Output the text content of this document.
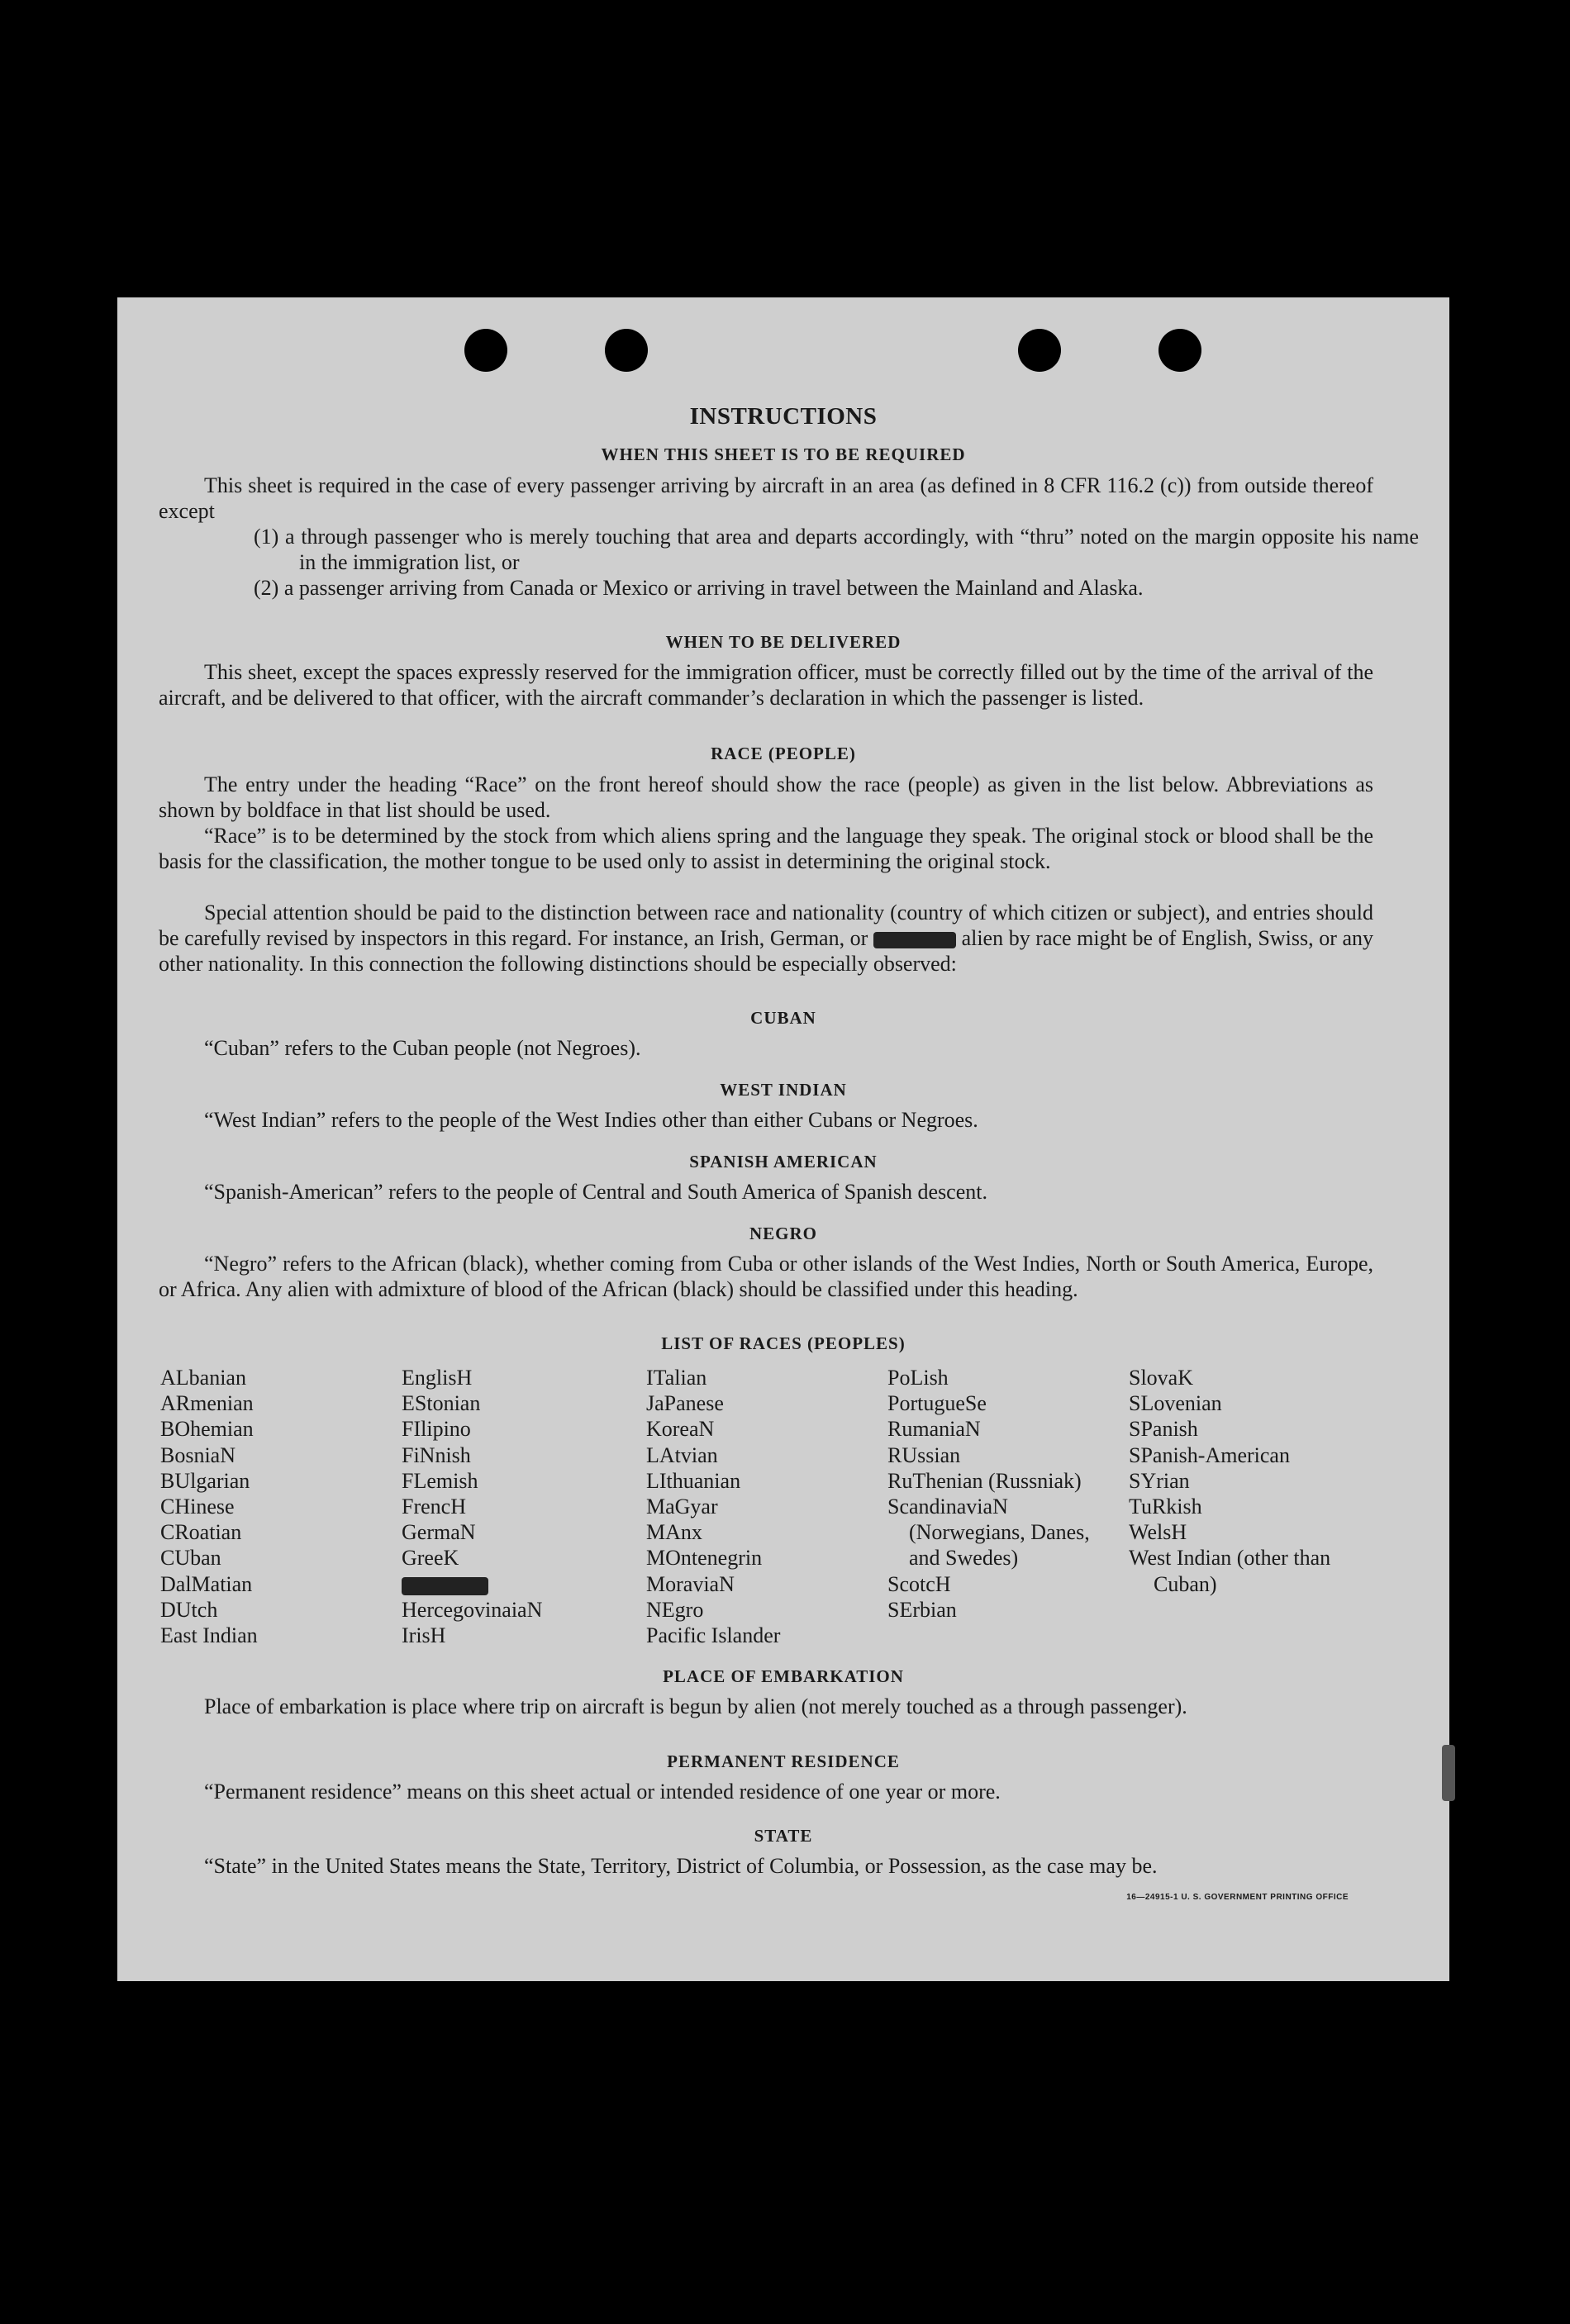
INSTRUCTIONS
WHEN THIS SHEET IS TO BE REQUIRED

This sheet is required in the case of every passenger arriving by aircraft in an area (as defined in 8 CFR 116.2 (c)) from outside thereof except

(1) a through passenger who is merely touching that area and departs accordingly, with “thru” noted on the margin opposite his name in the immigration list, or
(2) a passenger arriving from Canada or Mexico or arriving in travel between the Mainland and Alaska.
WHEN TO BE DELIVERED

This sheet, except the spaces expressly reserved for the immigration officer, must be correctly filled out by the time of the arrival of the aircraft, and be delivered to that officer, with the aircraft commander’s declaration in which the passenger is listed.

RACE (PEOPLE)

The entry under the heading “Race” on the front hereof should show the race (people) as given in the list below. Abbreviations as shown by boldface in that list should be used.

“Race” is to be determined by the stock from which aliens spring and the language they speak. The original stock or blood shall be the basis for the classification, the mother tongue to be used only to assist in determining the original stock.

Special attention should be paid to the distinction between race and nationality (country of which citizen or subject), and entries should be carefully revised by inspectors in this regard. For instance, an Irish, German, or	alien by race might be of English, Swiss, or any other nationality. In this connection the following distinctions should be especially observed:

CUBAN

“Cuban” refers to the Cuban people (not Negroes).

WEST INDIAN

“West Indian” refers to the people of the West Indies other than either Cubans or Negroes.

SPANISH AMERICAN

“Spanish-American” refers to the people of Central and South America of Spanish descent.

NEGRO

“Negro” refers to the African (black), whether coming from Cuba or other islands of the West Indies, North or South America, Europe, or Africa. Any alien with admixture of blood of the African (black) should be classified under this heading.

LIST OF RACES (PEOPLES)
ALbanian
ARmenian
BOhemian
BosniaN
BUlgarian
CHinese
CRoatian
CUban
DalMatian
DUtch
East Indian
EnglisH
EStonian
FIlipino
FiNnish
FLemish
FrencH
GermaN
GreeK
HercegovinaiaN
IrisH
ITalian
JaPanese
KoreaN
LAtvian
LIthuanian
MaGyar
MAnx
MOntenegrin
MoraviaN
NEgro
Pacific Islander
PoLish
PortugueSe
RumaniaN
RUssian
RuThenian (Russniak)
ScandinaviaN (Norwegians, Danes, and Swedes)
ScotcH
SErbian
SlovaK
SLovenian
SPanish
SPanish-American
SYrian
TuRkish
WelsH
West Indian (other than Cuban)
PLACE OF EMBARKATION

Place of embarkation is place where trip on aircraft is begun by alien (not merely touched as a through passenger).

PERMANENT RESIDENCE

“Permanent residence” means on this sheet actual or intended residence of one year or more.

STATE

“State” in the United States means the State, Territory, District of Columbia, or Possession, as the case may be.

16—24915-1 U. S. GOVERNMENT PRINTING OFFICE
